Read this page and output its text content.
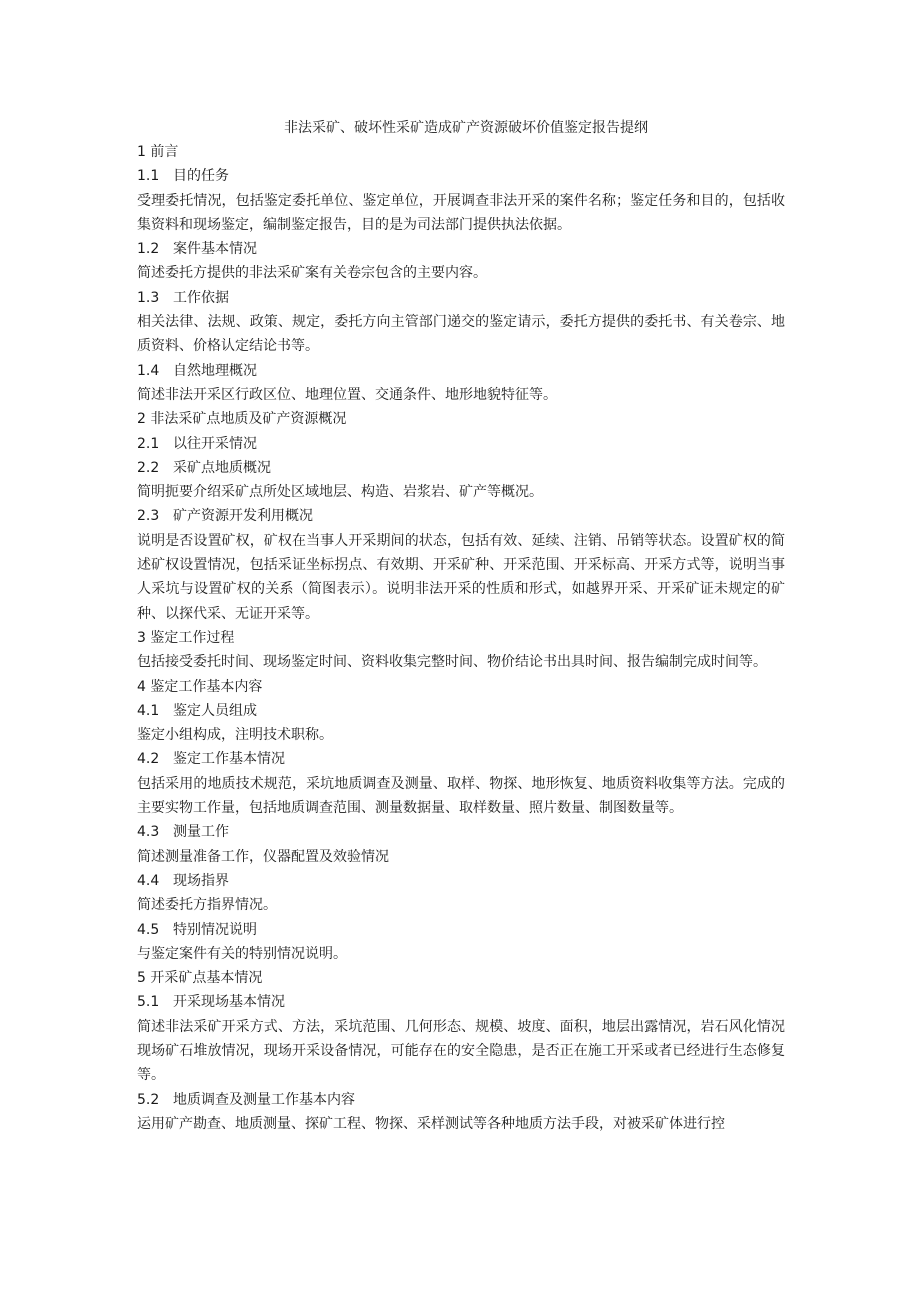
非法采矿、破坏性采矿造成矿产资源破坏价值鉴定报告提纲

1 前言

1.1 目的任务

受理委托情况，包括鉴定委托单位、鉴定单位，开展调查非法开采的案件名称；鉴定任务和目的，包括收集资料和现场鉴定，编制鉴定报告，目的是为司法部门提供执法依据。

1.2 案件基本情况

简述委托方提供的非法采矿案有关卷宗包含的主要内容。

1.3 工作依据

相关法律、法规、政策、规定，委托方向主管部门递交的鉴定请示，委托方提供的委托书、有关卷宗、地质资料、价格认定结论书等。

1.4 自然地理概况

简述非法开采区行政区位、地理位置、交通条件、地形地貌特征等。

2 非法采矿点地质及矿产资源概况

2.1 以往开采情况

2.2 采矿点地质概况

简明扼要介绍采矿点所处区域地层、构造、岩浆岩、矿产等概况。

2.3 矿产资源开发利用概况

说明是否设置矿权，矿权在当事人开采期间的状态，包括有效、延续、注销、吊销等状态。设置矿权的简述矿权设置情况，包括采证坐标拐点、有效期、开采矿种、开采范围、开采标高、开采方式等，说明当事人采坑与设置矿权的关系（简图表示）。说明非法开采的性质和形式，如越界开采、开采矿证未规定的矿种、以探代采、无证开采等。

3 鉴定工作过程

包括接受委托时间、现场鉴定时间、资料收集完整时间、物价结论书出具时间、报告编制完成时间等。

4 鉴定工作基本内容

4.1 鉴定人员组成

鉴定小组构成，注明技术职称。

4.2 鉴定工作基本情况

包括采用的地质技术规范，采坑地质调查及测量、取样、物探、地形恢复、地质资料收集等方法。完成的主要实物工作量，包括地质调查范围、测量数据量、取样数量、照片数量、制图数量等。

4.3 测量工作

简述测量准备工作，仪器配置及效验情况

4.4 现场指界

简述委托方指界情况。

4.5 特别情况说明

与鉴定案件有关的特别情况说明。

5 开采矿点基本情况

5.1 开采现场基本情况

简述非法采矿开采方式、方法，采坑范围、几何形态、规模、坡度、面积，地层出露情况，岩石风化情况现场矿石堆放情况，现场开采设备情况，可能存在的安全隐患，是否正在施工开采或者已经进行生态修复等。

5.2 地质调查及测量工作基本内容

运用矿产勘查、地质测量、探矿工程、物探、采样测试等各种地质方法手段，对被采矿体进行控
